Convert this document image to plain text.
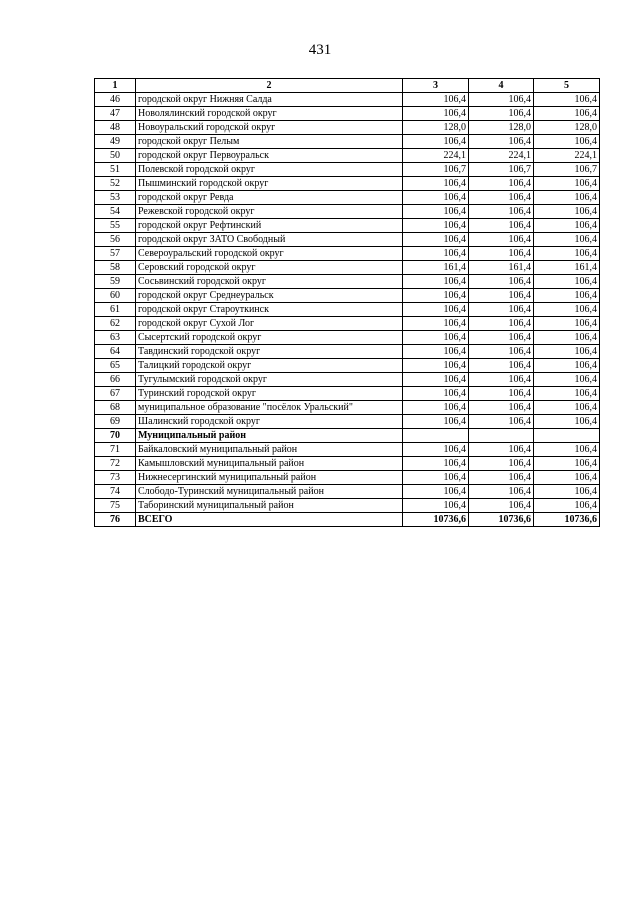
431
1	2	3	4	5
46	городской округ Нижняя Салда	106,4	106,4	106,4
47	Новолялинский городской округ	106,4	106,4	106,4
48	Новоуральский городской округ	128,0	128,0	128,0
49	городской округ Пелым	106,4	106,4	106,4
50	городской округ Первоуральск	224,1	224,1	224,1
51	Полевской городской округ	106,7	106,7	106,7
52	Пышминский городской округ	106,4	106,4	106,4
53	городской округ Ревда	106,4	106,4	106,4
54	Режевской городской округ	106,4	106,4	106,4
55	городской округ Рефтинский	106,4	106,4	106,4
56	городской округ ЗАТО Свободный	106,4	106,4	106,4
57	Североуральский городской округ	106,4	106,4	106,4
58	Серовский городской округ	161,4	161,4	161,4
59	Сосьвинский городской округ	106,4	106,4	106,4
60	городской округ Среднеуральск	106,4	106,4	106,4
61	городской округ Староуткинск	106,4	106,4	106,4
62	городской округ Сухой Лог	106,4	106,4	106,4
63	Сысертский городской округ	106,4	106,4	106,4
64	Тавдинский городской округ	106,4	106,4	106,4
65	Талицкий городской округ	106,4	106,4	106,4
66	Тугулымский городской округ	106,4	106,4	106,4
67	Туринский городской округ	106,4	106,4	106,4
68	муниципальное образование "посёлок Уральский"	106,4	106,4	106,4
69	Шалинский городской округ	106,4	106,4	106,4
70	Муниципальный район			
71	Байкаловский муниципальный район	106,4	106,4	106,4
72	Камышловский муниципальный район	106,4	106,4	106,4
73	Нижнесергинский муниципальный район	106,4	106,4	106,4
74	Слободо-Туринский муниципальный район	106,4	106,4	106,4
75	Таборинский муниципальный район	106,4	106,4	106,4
76	ВСЕГО	10736,6	10736,6	10736,6
